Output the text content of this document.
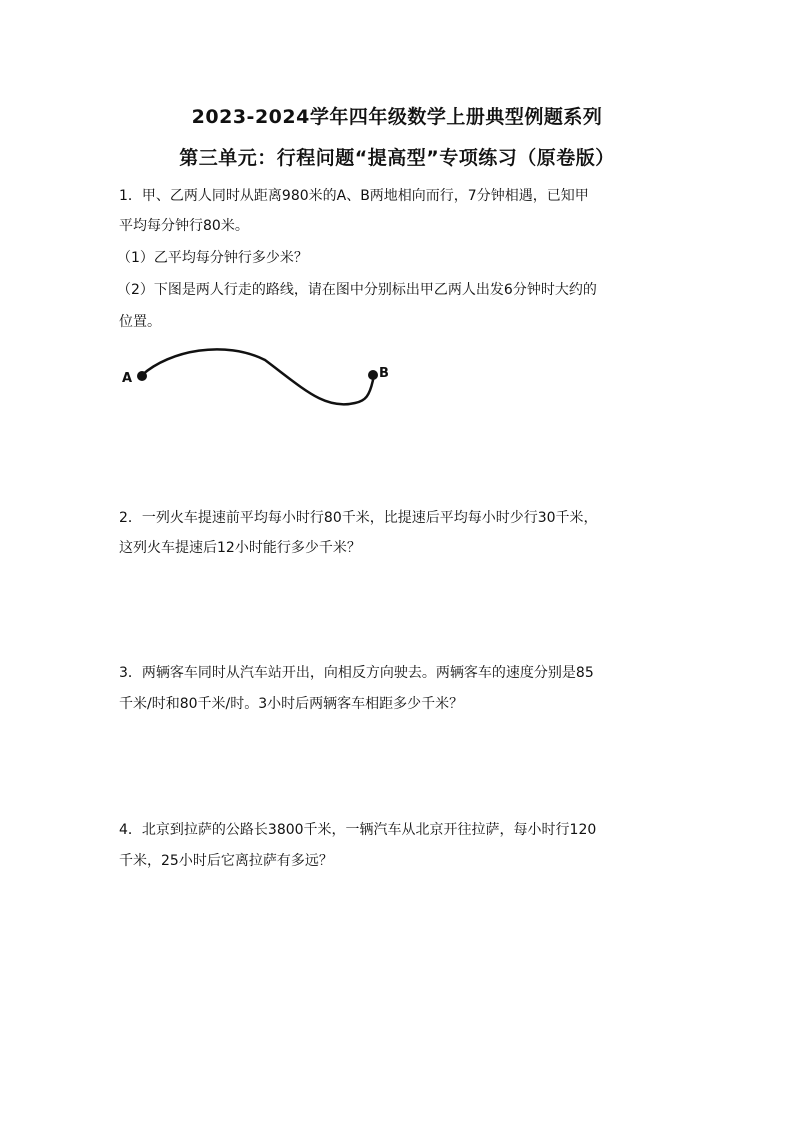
2023-2024学年四年级数学上册典型例题系列
第三单元：行程问题“提高型”专项练习（原卷版）
1．甲、乙两人同时从距离980米的A、B两地相向而行，7分钟相遇，已知甲
平均每分钟行80米。
（1）乙平均每分钟行多少米？
（2）下图是两人行走的路线，请在图中分别标出甲乙两人出发6分钟时大约的
位置。
A	B
2．一列火车提速前平均每小时行80千米，比提速后平均每小时少行30千米，
这列火车提速后12小时能行多少千米？
3．两辆客车同时从汽车站开出，向相反方向驶去。两辆客车的速度分别是85
千米/时和80千米/时。3小时后两辆客车相距多少千米？
4．北京到拉萨的公路长3800千米，一辆汽车从北京开往拉萨，每小时行120
千米，25小时后它离拉萨有多远？
